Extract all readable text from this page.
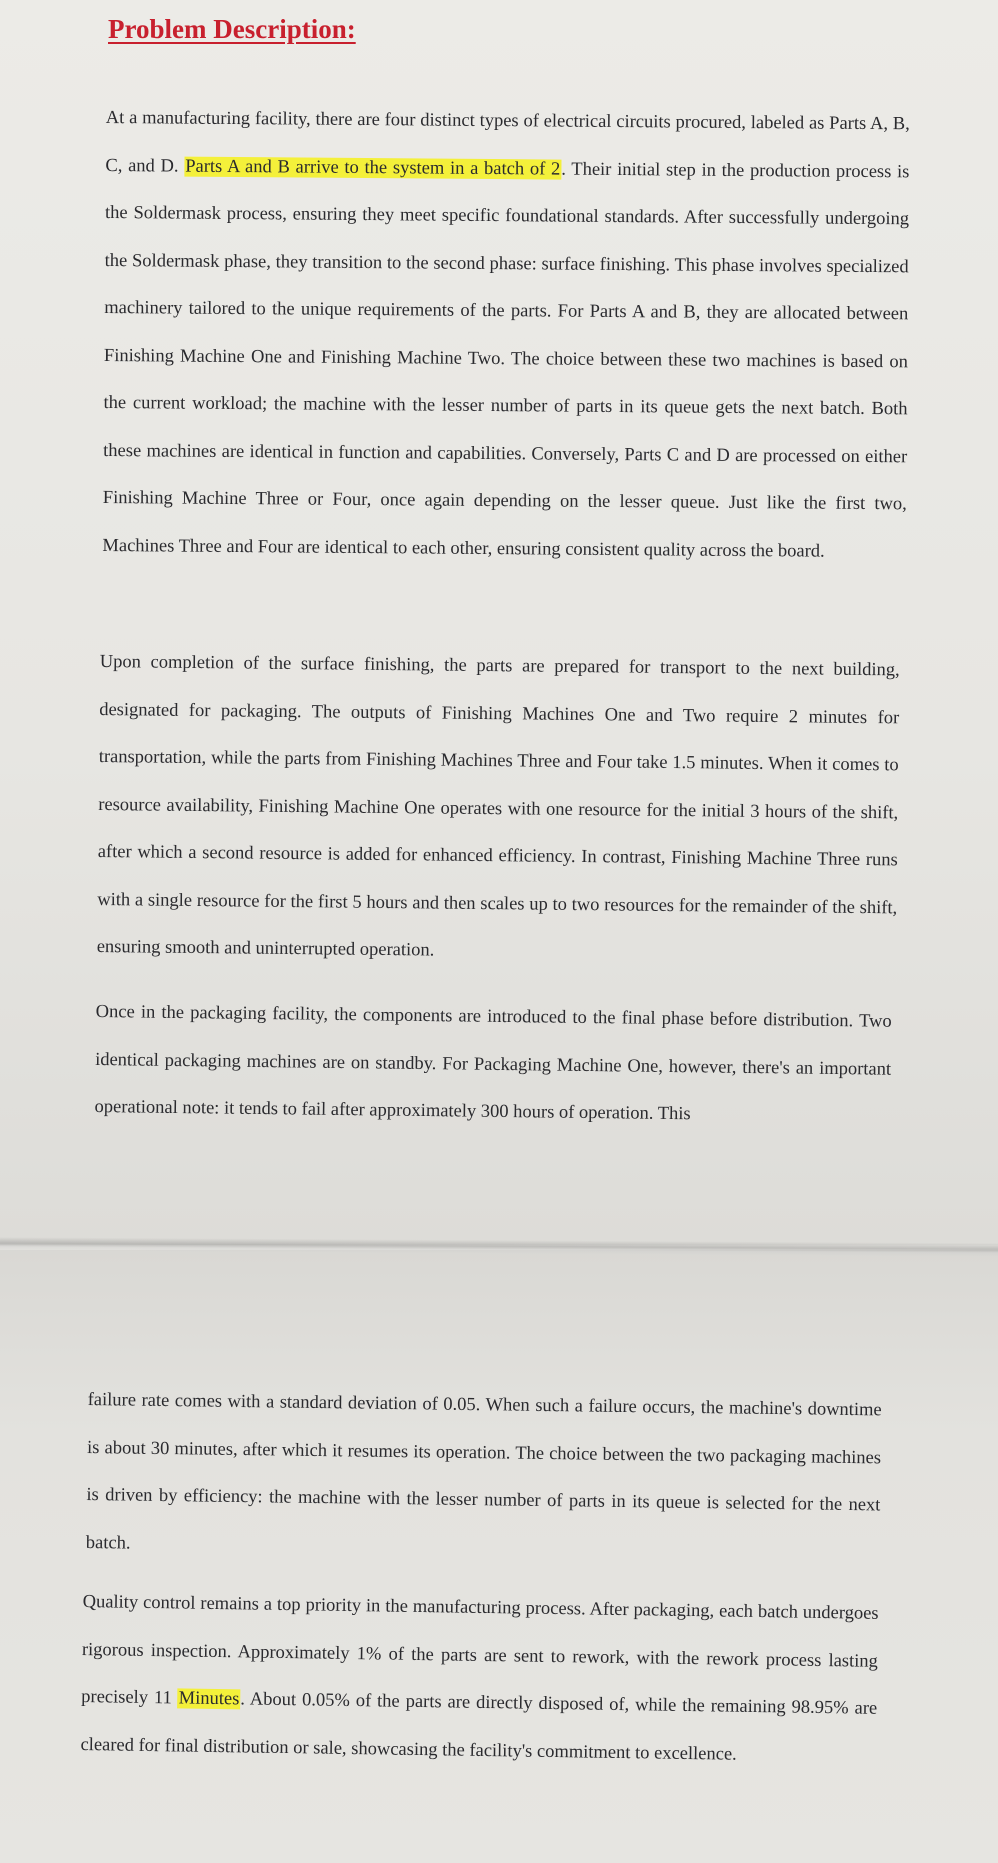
Problem Description:

At a manufacturing facility, there are four distinct types of electrical circuits procured, labeled as Parts A, B, C, and D. Parts A and B arrive to the system in a batch of 2. Their initial step in the production process is the Soldermask process, ensuring they meet specific foundational standards. After successfully undergoing the Soldermask phase, they transition to the second phase: surface finishing. This phase involves specialized machinery tailored to the unique requirements of the parts. For Parts A and B, they are allocated between Finishing Machine One and Finishing Machine Two. The choice between these two machines is based on the current workload; the machine with the lesser number of parts in its queue gets the next batch. Both these machines are identical in function and capabilities. Conversely, Parts C and D are processed on either Finishing Machine Three or Four, once again depending on the lesser queue. Just like the first two, Machines Three and Four are identical to each other, ensuring consistent quality across the board.

Upon completion of the surface finishing, the parts are prepared for transport to the next building, designated for packaging. The outputs of Finishing Machines One and Two require 2 minutes for transportation, while the parts from Finishing Machines Three and Four take 1.5 minutes. When it comes to resource availability, Finishing Machine One operates with one resource for the initial 3 hours of the shift, after which a second resource is added for enhanced efficiency. In contrast, Finishing Machine Three runs with a single resource for the first 5 hours and then scales up to two resources for the remainder of the shift, ensuring smooth and uninterrupted operation.

Once in the packaging facility, the components are introduced to the final phase before distribution. Two identical packaging machines are on standby. For Packaging Machine One, however, there's an important operational note: it tends to fail after approximately 300 hours of operation. This

failure rate comes with a standard deviation of 0.05. When such a failure occurs, the machine's downtime is about 30 minutes, after which it resumes its operation. The choice between the two packaging machines is driven by efficiency: the machine with the lesser number of parts in its queue is selected for the next batch.

Quality control remains a top priority in the manufacturing process. After packaging, each batch undergoes rigorous inspection. Approximately 1% of the parts are sent to rework, with the rework process lasting precisely 11 Minutes. About 0.05% of the parts are directly disposed of, while the remaining 98.95% are cleared for final distribution or sale, showcasing the facility's commitment to excellence.
